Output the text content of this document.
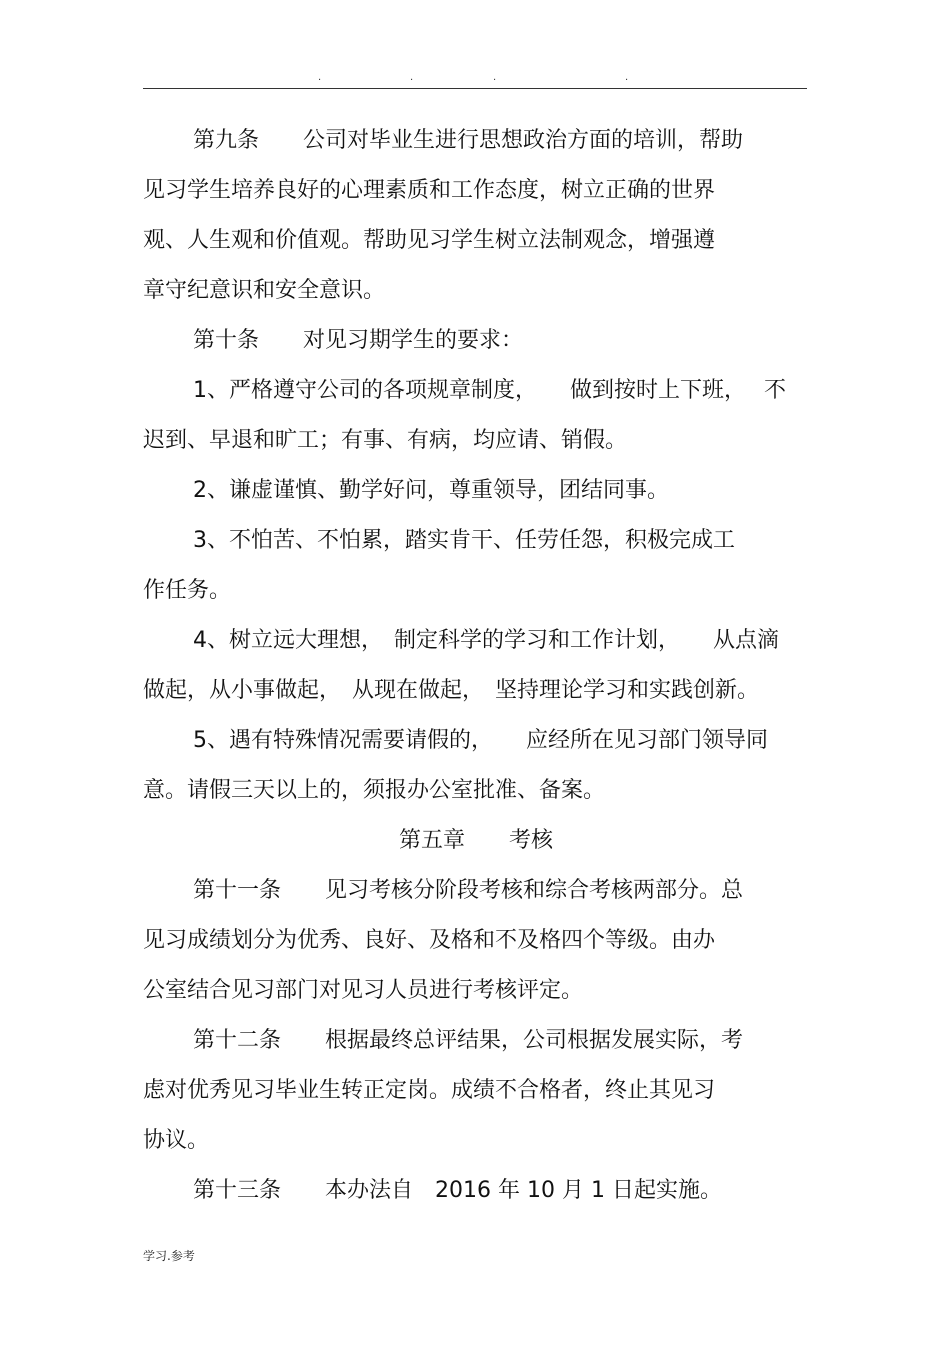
.	.	.	.
第九条　　公司对毕业生进行思想政治方面的培训，帮助
见习学生培养良好的心理素质和工作态度，树立正确的世界
观、人生观和价值观。帮助见习学生树立法制观念，增强遵
章守纪意识和安全意识。
第十条　　对见习期学生的要求：
1、严格遵守公司的各项规章制度，　　做到按时上下班，　 不
迟到、早退和旷工；有事、有病，均应请、销假。
2、谦虚谨慎、勤学好问，尊重领导，团结同事。
3、不怕苦、不怕累，踏实肯干、任劳任怨，积极完成工
作任务。
4、树立远大理想，　制定科学的学习和工作计划，　　从点滴
做起，从小事做起，　从现在做起，　坚持理论学习和实践创新。
5、遇有特殊情况需要请假的，　　应经所在见习部门领导同
意。请假三天以上的，须报办公室批准、备案。
第五章　　考核
第十一条　　见习考核分阶段考核和综合考核两部分。总
见习成绩划分为优秀、良好、及格和不及格四个等级。由办
公室结合见习部门对见习人员进行考核评定。
第十二条　　根据最终总评结果，公司根据发展实际，考
虑对优秀见习毕业生转正定岗。成绩不合格者，终止其见习
协议。
第十三条　　本办法自　2016 年 10 月 1 日起实施。
学习.参考
